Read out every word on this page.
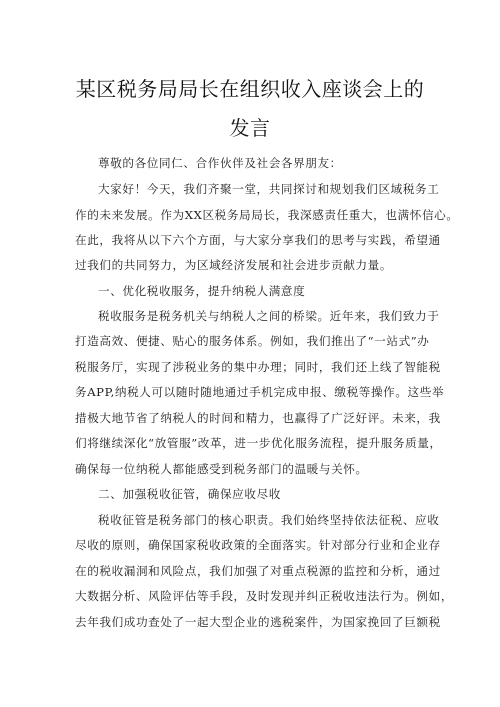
某区税务局局长在组织收入座谈会上的
发言
尊敬的各位同仁、合作伙伴及社会各界朋友：
大家好！今天，我们齐聚一堂，共同探讨和规划我们区域税务工
作的未来发展。作为XX区税务局局长，我深感责任重大，也满怀信心。
在此，我将从以下六个方面，与大家分享我们的思考与实践，希望通
过我们的共同努力，为区域经济发展和社会进步贡献力量。
一、优化税收服务，提升纳税人满意度
税收服务是税务机关与纳税人之间的桥梁。近年来，我们致力于
打造高效、便捷、贴心的服务体系。例如，我们推出了“一站式”办
税服务厅，实现了涉税业务的集中办理；同时，我们还上线了智能税
务APP,纳税人可以随时随地通过手机完成申报、缴税等操作。这些举
措极大地节省了纳税人的时间和精力，也赢得了广泛好评。未来，我
们将继续深化“放管服”改革，进一步优化服务流程，提升服务质量，
确保每一位纳税人都能感受到税务部门的温暖与关怀。
二、加强税收征管，确保应收尽收
税收征管是税务部门的核心职责。我们始终坚持依法征税、应收
尽收的原则，确保国家税收政策的全面落实。针对部分行业和企业存
在的税收漏洞和风险点，我们加强了对重点税源的监控和分析，通过
大数据分析、风险评估等手段，及时发现并纠正税收违法行为。例如，
去年我们成功查处了一起大型企业的逃税案件，为国家挽回了巨额税
